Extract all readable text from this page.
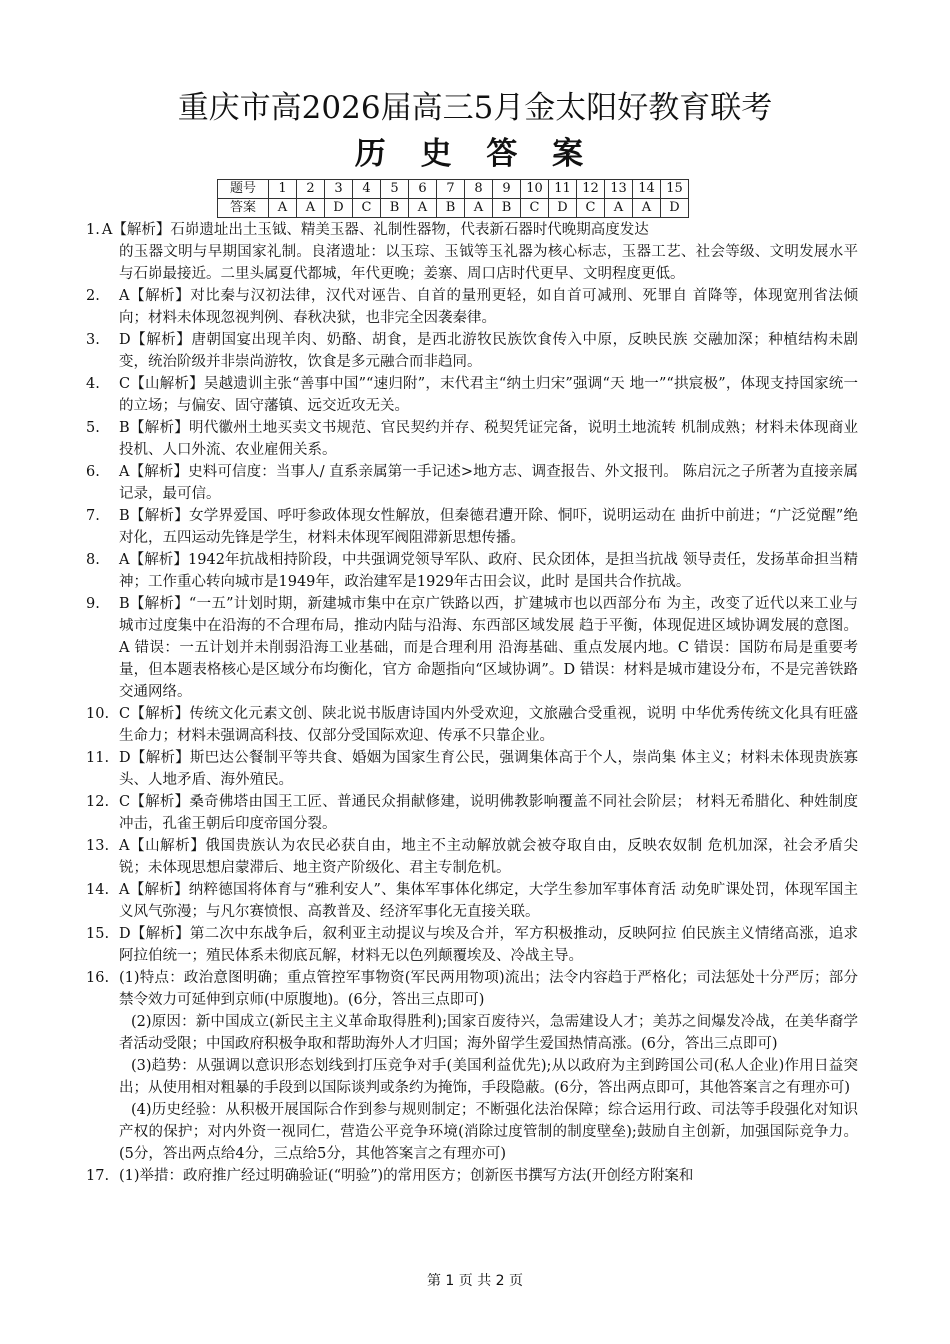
重庆市高2026届高三5月金太阳好教育联考
历 史 答 案
题号	1	2	3	4	5	6	7	8	9	10	11	12	13	14	15
答案	A	A	D	C	B	A	B	A	B	C	D	C	A	A	D
1. A【解析】石峁遗址出土玉钺、精美玉器、礼制性器物，代表新石器时代晚期高度发达
的玉器文明与早期国家礼制。良渚遗址：以玉琮、玉钺等玉礼器为核心标志，玉器工艺、社会等级、文明发展水平与石峁最接近。二里头属夏代都城，年代更晚；姜寨、周口店时代更早、文明程度更低。
2. A【解析】对比秦与汉初法律，汉代对诬告、自首的量刑更轻，如自首可减刑、死罪自 首降等，体现宽刑省法倾向；材料未体现忽视判例、春秋决狱，也非完全因袭秦律。
3. D【解析】唐朝国宴出现羊肉、奶酪、胡食，是西北游牧民族饮食传入中原，反映民族 交融加深；种植结构未剧变，统治阶级并非崇尚游牧，饮食是多元融合而非趋同。
4. C【山解析】吴越遗训主张“善事中国”“速归附”，末代君主“纳土归宋”强调“天 地一”“拱宸极”，体现支持国家统一的立场；与偏安、固守藩镇、远交近攻无关。
5. B【解析】明代徽州土地买卖文书规范、官民契约并存、税契凭证完备，说明土地流转 机制成熟；材料未体现商业投机、人口外流、农业雇佣关系。
6. A【解析】史料可信度：当事人/ 直系亲属第一手记述>地方志、调查报告、外文报刊。 陈启沅之子所著为直接亲属记录，最可信。
7. B【解析】女学界爱国、呼吁参政体现女性解放，但秦德君遭开除、恫吓，说明运动在 曲折中前进；“广泛觉醒”绝对化，五四运动先锋是学生，材料未体现军阀阻滞新思想传播。
8. A【解析】1942年抗战相持阶段，中共强调党领导军队、政府、民众团体，是担当抗战 领导责任，发扬革命担当精神；工作重心转向城市是1949年，政治建军是1929年古田会议，此时 是国共合作抗战。
9. B【解析】“一五”计划时期，新建城市集中在京广铁路以西，扩建城市也以西部分布 为主，改变了近代以来工业与城市过度集中在沿海的不合理布局，推动内陆与沿海、东西部区域发展 趋于平衡，体现促进区域协调发展的意图。A 错误：一五计划并未削弱沿海工业基础，而是合理利用 沿海基础、重点发展内地。C 错误：国防布局是重要考量，但本题表格核心是区域分布均衡化，官方 命题指向“区域协调”。D 错误：材料是城市建设分布，不是完善铁路交通网络。
10. C【解析】传统文化元素文创、陕北说书版唐诗国内外受欢迎，文旅融合受重视，说明 中华优秀传统文化具有旺盛生命力；材料未强调高科技、仅部分受国际欢迎、传承不只靠企业。
11. D【解析】斯巴达公餐制平等共食、婚姻为国家生育公民，强调集体高于个人，崇尚集 体主义；材料未体现贵族寡头、人地矛盾、海外殖民。
12. C【解析】桑奇佛塔由国王工匠、普通民众捐献修建，说明佛教影响覆盖不同社会阶层； 材料无希腊化、种姓制度冲击，孔雀王朝后印度帝国分裂。
13. A【山解析】俄国贵族认为农民必获自由，地主不主动解放就会被夺取自由，反映农奴制 危机加深，社会矛盾尖锐；未体现思想启蒙滞后、地主资产阶级化、君主专制危机。
14. A【解析】纳粹德国将体育与“雅利安人”、集体军事体化绑定，大学生参加军事体育活 动免旷课处罚，体现军国主义风气弥漫；与凡尔赛愤恨、高教普及、经济军事化无直接关联。
15. D【解析】第二次中东战争后，叙利亚主动提议与埃及合并，军方积极推动，反映阿拉 伯民族主义情绪高涨，追求阿拉伯统一；殖民体系未彻底瓦解，材料无以色列颠覆埃及、冷战主导。
16. (1)特点：政治意图明确；重点管控军事物资(军民两用物项)流出；法令内容趋于严格化；司法惩处十分严厉；部分禁令效力可延伸到京师(中原腹地)。(6分，答出三点即可)
(2)原因：新中国成立(新民主主义革命取得胜利);国家百废待兴，急需建设人才；美苏之间爆发冷战，在美华裔学者活动受限；中国政府积极争取和帮助海外人才归国；海外留学生爱国热情高涨。(6分，答出三点即可)
(3)趋势：从强调以意识形态划线到打压竞争对手(美国利益优先);从以政府为主到跨国公司(私人企业)作用日益突出；从使用相对粗暴的手段到以国际谈判或条约为掩饰，手段隐蔽。(6分，答出两点即可，其他答案言之有理亦可)
(4)历史经验：从积极开展国际合作到参与规则制定；不断强化法治保障；综合运用行政、司法等手段强化对知识产权的保护；对内外资一视同仁，营造公平竞争环境(消除过度管制的制度壁垒);鼓励自主创新，加强国际竞争力。(5分，答出两点给4分，三点给5分，其他答案言之有理亦可)
17. (1)举措：政府推广经过明确验证(“明验”)的常用医方；创新医书撰写方法(开创经方附案和
第 1 页 共 2 页
